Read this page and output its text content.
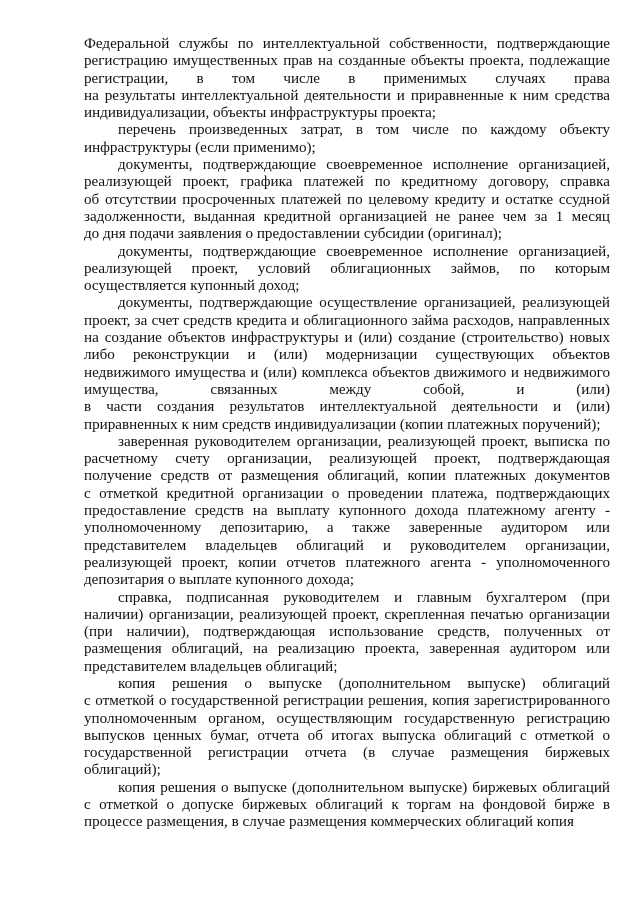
Федеральной службы по интеллектуальной собственности, подтверждающие
регистрацию имущественных прав на созданные объекты проекта, подлежащие
регистрации, в том числе в применимых случаях права
на результаты интеллектуальной деятельности и приравненные к ним средства
индивидуализации, объекты инфраструктуры проекта;
перечень произведенных затрат, в том числе по каждому объекту
инфраструктуры (если применимо);
документы, подтверждающие своевременное исполнение организацией,
реализующей проект, графика платежей по кредитному договору, справка
об отсутствии просроченных платежей по целевому кредиту и остатке ссудной
задолженности, выданная кредитной организацией не ранее чем за 1 месяц
до дня подачи заявления о предоставлении субсидии (оригинал);
документы, подтверждающие своевременное исполнение организацией,
реализующей проект, условий облигационных займов, по которым
осуществляется купонный доход;
документы, подтверждающие осуществление организацией, реализующей
проект, за счет средств кредита и облигационного займа расходов, направленных
на создание объектов инфраструктуры и (или) создание (строительство) новых
либо реконструкции и (или) модернизации существующих объектов
недвижимого имущества и (или) комплекса объектов движимого и недвижимого
имущества, связанных между собой, и (или)
в части создания результатов интеллектуальной деятельности и (или)
приравненных к ним средств индивидуализации (копии платежных поручений);
заверенная руководителем организации, реализующей проект, выписка по
расчетному счету организации, реализующей проект, подтверждающая
получение средств от размещения облигаций, копии платежных документов
с отметкой кредитной организации о проведении платежа, подтверждающих
предоставление средств на выплату купонного дохода платежному агенту -
уполномоченному депозитарию, а также заверенные аудитором или
представителем владельцев облигаций и руководителем организации,
реализующей проект, копии отчетов платежного агента - уполномоченного
депозитария о выплате купонного дохода;
справка, подписанная руководителем и главным бухгалтером (при
наличии) организации, реализующей проект, скрепленная печатью организации
(при наличии), подтверждающая использование средств, полученных от
размещения облигаций, на реализацию проекта, заверенная аудитором или
представителем владельцев облигаций;
копия решения о выпуске (дополнительном выпуске) облигаций
с отметкой о государственной регистрации решения, копия зарегистрированного
уполномоченным органом, осуществляющим государственную регистрацию
выпусков ценных бумаг, отчета об итогах выпуска облигаций с отметкой о
государственной регистрации отчета (в случае размещения биржевых
облигаций);
копия решения о выпуске (дополнительном выпуске) биржевых облигаций
с отметкой о допуске биржевых облигаций к торгам на фондовой бирже в
процессе размещения, в случае размещения коммерческих облигаций копия
